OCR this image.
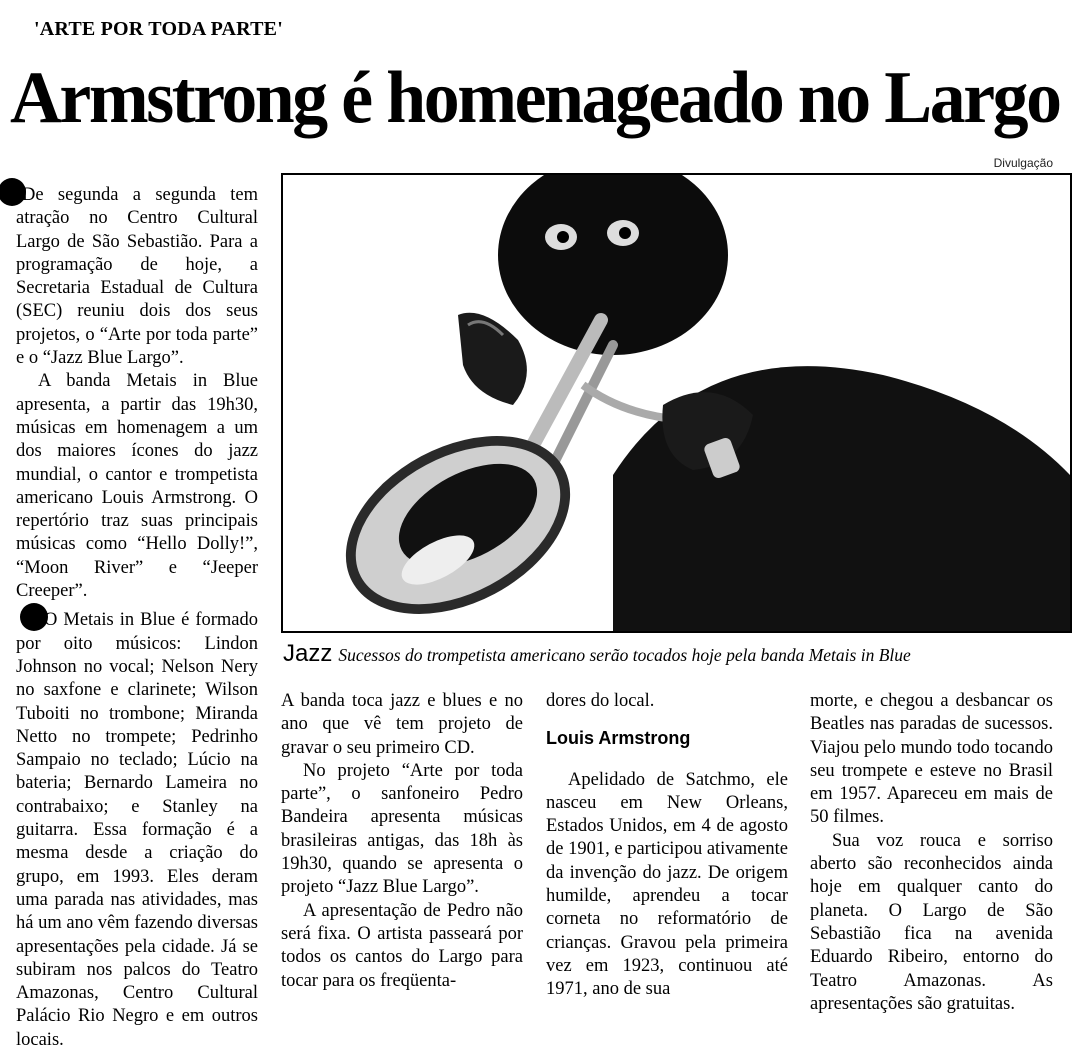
'ARTE POR TODA PARTE'
Armstrong é homenageado no Largo

De segunda a segunda tem atração no Centro Cultural Largo de São Sebastião. Para a programação de hoje, a Secretaria Estadual de Cultura (SEC) reuniu dois dos seus projetos, o “Arte por toda parte” e o “Jazz Blue Largo”.

A banda Metais in Blue apresenta, a partir das 19h30, músicas em homenagem a um dos maiores ícones do jazz mundial, o cantor e trompetista americano Louis Armstrong. O repertório traz suas principais músicas como “Hello Dolly!”, “Moon River” e “Jeeper Creeper”.

O Metais in Blue é formado por oito músicos: Lindon Johnson no vocal; Nelson Nery no saxfone e clarinete; Wilson Tuboiti no trombone; Miranda Netto no trompete; Pedrinho Sampaio no teclado; Lúcio na bateria; Bernardo Lameira no contrabaixo; e Stanley na guitarra. Essa formação é a mesma desde a criação do grupo, em 1993. Eles deram uma parada nas atividades, mas há um ano vêm fazendo diversas apresentações pela cidade. Já se subiram nos palcos do Teatro Amazonas, Centro Cultural Palácio Rio Negro e em outros locais.

Divulgação
Jazz Sucessos do trompetista americano serão tocados hoje pela banda Metais in Blue

A banda toca jazz e blues e no ano que vê tem projeto de gravar o seu primeiro CD.

No projeto “Arte por toda parte”, o sanfoneiro Pedro Bandeira apresenta músicas brasileiras antigas, das 18h às 19h30, quando se apresenta o projeto “Jazz Blue Largo”.

A apresentação de Pedro não será fixa. O artista passeará por todos os cantos do Largo para tocar para os freqüenta-

dores do local.

Louis Armstrong

Apelidado de Satchmo, ele nasceu em New Orleans, Estados Unidos, em 4 de agosto de 1901, e participou ativamente da invenção do jazz. De origem humilde, aprendeu a tocar corneta no reformatório de crianças. Gravou pela primeira vez em 1923, continuou até 1971, ano de sua

morte, e chegou a desbancar os Beatles nas paradas de sucessos. Viajou pelo mundo todo tocando seu trompete e esteve no Brasil em 1957. Apareceu em mais de 50 filmes.

Sua voz rouca e sorriso aberto são reconhecidos ainda hoje em qualquer canto do planeta. O Largo de São Sebastião fica na avenida Eduardo Ribeiro, entorno do Teatro Amazonas. As apresentações são gratuitas.
